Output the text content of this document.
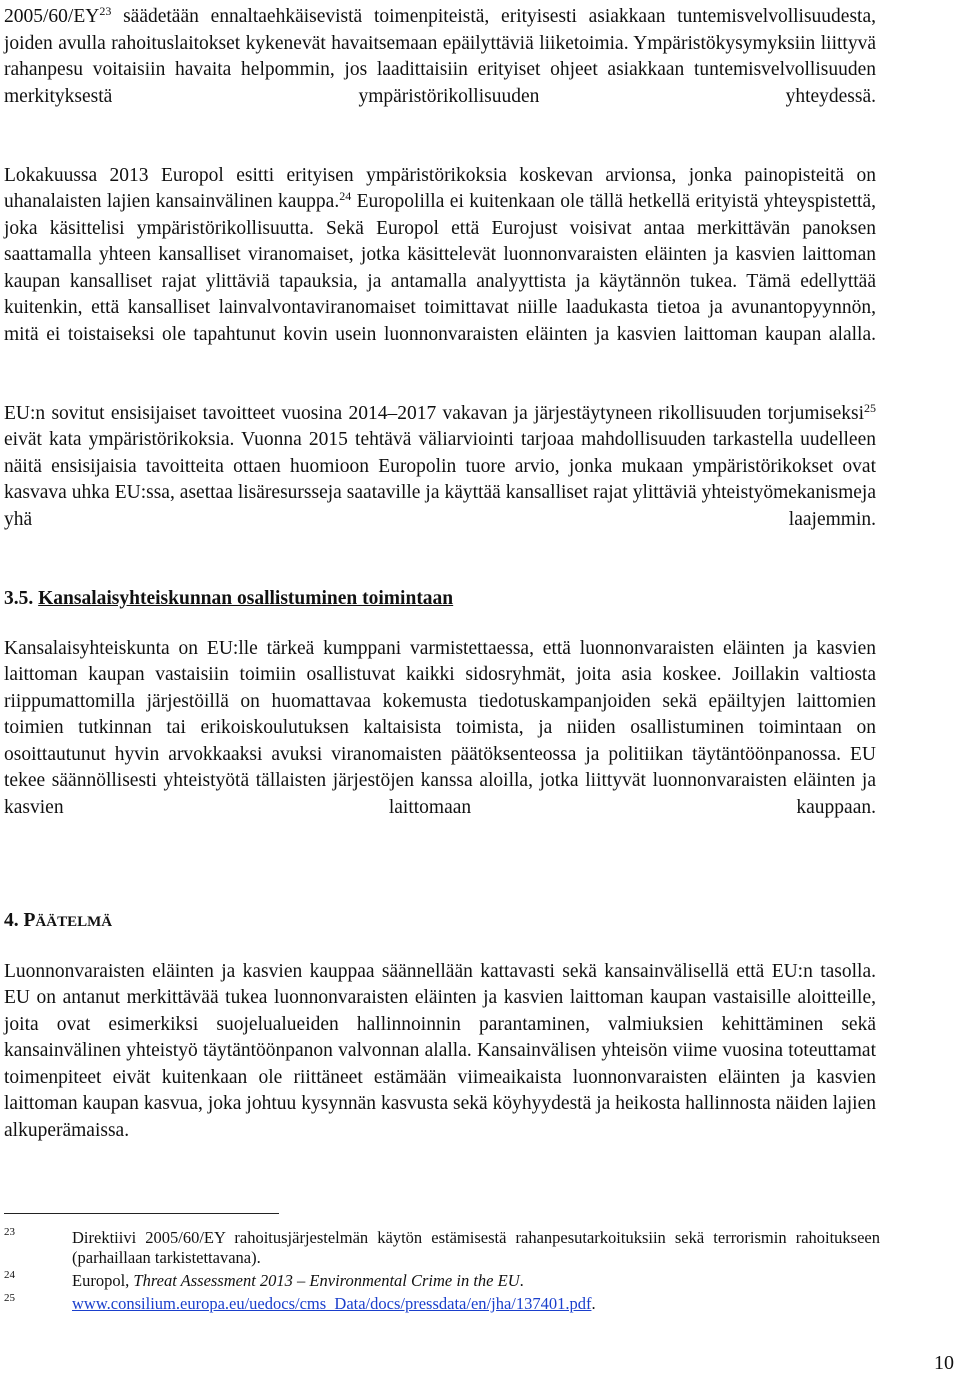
2005/60/EY$^{23}$ säädetään ennaltaehkäisevistä toimenpiteistä, erityisesti asiakkaan tuntemisvelvollisuudesta, joiden avulla rahoituslaitokset kykenevät havaitsemaan epäilyttäviä liiketoimia. Ympäristökysymyksiin liittyvä rahanpesu voitaisiin havaita helpommin, jos laadittaisiin erityiset ohjeet asiakkaan tuntemisvelvollisuuden merkityksestä ympäristörikollisuuden yhteydessä.

Lokakuussa 2013 Europol esitti erityisen ympäristörikoksia koskevan arvionsa, jonka painopisteitä on uhanalaisten lajien kansainvälinen kauppa.$^{24}$ Europolilla ei kuitenkaan ole tällä hetkellä erityistä yhteyspistettä, joka käsittelisi ympäristörikollisuutta. Sekä Europol että Eurojust voisivat antaa merkittävän panoksen saattamalla yhteen kansalliset viranomaiset, jotka käsittelevät luonnonvaraisten eläinten ja kasvien laittoman kaupan kansalliset rajat ylittäviä tapauksia, ja antamalla analyyttista ja käytännön tukea. Tämä edellyttää kuitenkin, että kansalliset lainvalvontaviranomaiset toimittavat niille laadukasta tietoa ja avunantopyynnön, mitä ei toistaiseksi ole tapahtunut kovin usein luonnonvaraisten eläinten ja kasvien laittoman kaupan alalla.

EU:n sovitut ensisijaiset tavoitteet vuosina 2014–2017 vakavan ja järjestäytyneen rikollisuuden torjumiseksi$^{25}$ eivät kata ympäristörikoksia. Vuonna 2015 tehtävä väliarviointi tarjoaa mahdollisuuden tarkastella uudelleen näitä ensisijaisia tavoitteita ottaen huomioon Europolin tuore arvio, jonka mukaan ympäristörikokset ovat kasvava uhka EU:ssa, asettaa lisäresursseja saataville ja käyttää kansalliset rajat ylittäviä yhteistyömekanismeja yhä laajemmin.

3.5. Kansalaisyhteiskunnan osallistuminen toimintaan

Kansalaisyhteiskunta on EU:lle tärkeä kumppani varmistettaessa, että luonnonvaraisten eläinten ja kasvien laittoman kaupan vastaisiin toimiin osallistuvat kaikki sidosryhmät, joita asia koskee. Joillakin valtiosta riippumattomilla järjestöillä on huomattavaa kokemusta tiedotuskampanjoiden sekä epäiltyjen laittomien toimien tutkinnan tai erikoiskoulutuksen kaltaisista toimista, ja niiden osallistuminen toimintaan on osoittautunut hyvin arvokkaaksi avuksi viranomaisten päätöksenteossa ja politiikan täytäntöönpanossa. EU tekee säännöllisesti yhteistyötä tällaisten järjestöjen kanssa aloilla, jotka liittyvät luonnonvaraisten eläinten ja kasvien laittomaan kauppaan.

4. PÄÄTELMÄ

Luonnonvaraisten eläinten ja kasvien kauppaa säännellään kattavasti sekä kansainvälisellä että EU:n tasolla. EU on antanut merkittävää tukea luonnonvaraisten eläinten ja kasvien laittoman kaupan vastaisille aloitteille, joita ovat esimerkiksi suojelualueiden hallinnoinnin parantaminen, valmiuksien kehittäminen sekä kansainvälinen yhteistyö täytäntöönpanon valvonnan alalla. Kansainvälisen yhteisön viime vuosina toteuttamat toimenpiteet eivät kuitenkaan ole riittäneet estämään viimeaikaista luonnonvaraisten eläinten ja kasvien laittoman kaupan kasvua, joka johtuu kysynnän kasvusta sekä köyhyydestä ja heikosta hallinnosta näiden lajien alkuperämaissa.

23	Direktiivi 2005/60/EY rahoitusjärjestelmän käytön estämisestä rahanpesutarkoituksiin sekä terrorismin rahoitukseen (parhaillaan tarkistettavana).
24	Europol, Threat Assessment 2013 – Environmental Crime in the EU.
25	www.consilium.europa.eu/uedocs/cms_Data/docs/pressdata/en/jha/137401.pdf.
10
